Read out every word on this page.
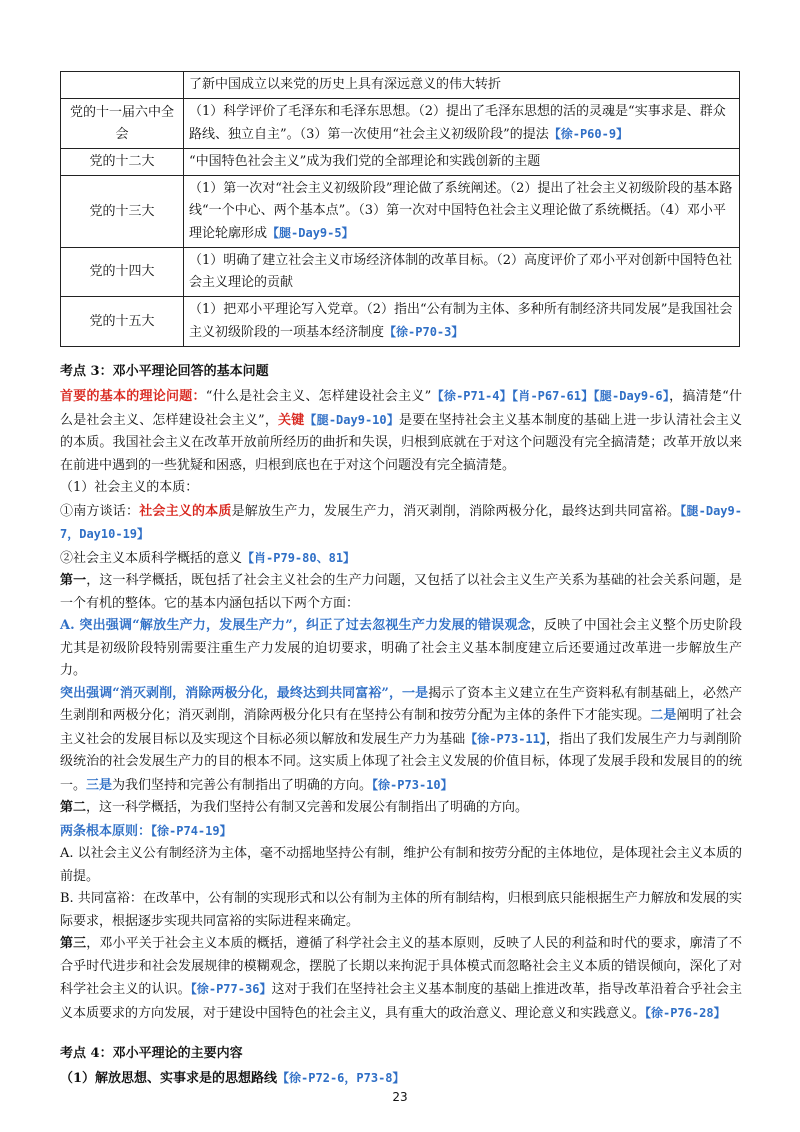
	了新中国成立以来党的历史上具有深远意义的伟大转折
党的十一届六中全会	（1）科学评价了毛泽东和毛泽东思想。（2）提出了毛泽东思想的活的灵魂是“实事求是、群众路线、独立自主”。（3）第一次使用“社会主义初级阶段”的提法【徐-P60-9】
党的十二大	“中国特色社会主义”成为我们党的全部理论和实践创新的主题
党的十三大	（1）第一次对“社会主义初级阶段”理论做了系统阐述。（2）提出了社会主义初级阶段的基本路线“一个中心、两个基本点”。（3）第一次对中国特色社会主义理论做了系统概括。（4）邓小平理论轮廓形成【腿-Day9-5】
党的十四大	（1）明确了建立社会主义市场经济体制的改革目标。（2）高度评价了邓小平对创新中国特色社会主义理论的贡献
党的十五大	（1）把邓小平理论写入党章。（2）指出“公有制为主体、多种所有制经济共同发展”是我国社会主义初级阶段的一项基本经济制度【徐-P70-3】
考点 3：邓小平理论回答的基本问题

首要的基本的理论问题：“什么是社会主义、怎样建设社会主义”【徐-P71-4】【肖-P67-61】【腿-Day9-6】，搞清楚“什么是社会主义、怎样建设社会主义”，关键【腿-Day9-10】是要在坚持社会主义基本制度的基础上进一步认清社会主义的本质。我国社会主义在改革开放前所经历的曲折和失误，归根到底就在于对这个问题没有完全搞清楚；改革开放以来在前进中遇到的一些犹疑和困惑，归根到底也在于对这个问题没有完全搞清楚。

（1）社会主义的本质：

①南方谈话：社会主义的本质是解放生产力，发展生产力，消灭剥削，消除两极分化，最终达到共同富裕。【腿-Day9-7，Day10-19】

②社会主义本质科学概括的意义【肖-P79-80、81】

第一，这一科学概括，既包括了社会主义社会的生产力问题，又包括了以社会主义生产关系为基础的社会关系问题，是一个有机的整体。它的基本内涵包括以下两个方面：

A. 突出强调“解放生产力，发展生产力”，纠正了过去忽视生产力发展的错误观念，反映了中国社会主义整个历史阶段尤其是初级阶段特别需要注重生产力发展的迫切要求，明确了社会主义基本制度建立后还要通过改革进一步解放生产力。

突出强调“消灭剥削，消除两极分化，最终达到共同富裕”，一是揭示了资本主义建立在生产资料私有制基础上，必然产生剥削和两极分化；消灭剥削，消除两极分化只有在坚持公有制和按劳分配为主体的条件下才能实现。二是阐明了社会主义社会的发展目标以及实现这个目标必须以解放和发展生产力为基础【徐-P73-11】，指出了我们发展生产力与剥削阶级统治的社会发展生产力的目的根本不同。这实质上体现了社会主义发展的价值目标，体现了发展手段和发展目的的统一。三是为我们坚持和完善公有制指出了明确的方向。【徐-P73-10】

第二，这一科学概括，为我们坚持公有制又完善和发展公有制指出了明确的方向。

两条根本原则：【徐-P74-19】

A. 以社会主义公有制经济为主体，毫不动摇地坚持公有制，维护公有制和按劳分配的主体地位，是体现社会主义本质的前提。

B. 共同富裕：在改革中，公有制的实现形式和以公有制为主体的所有制结构，归根到底只能根据生产力解放和发展的实际要求，根据逐步实现共同富裕的实际进程来确定。

第三，邓小平关于社会主义本质的概括，遵循了科学社会主义的基本原则，反映了人民的利益和时代的要求，廓清了不合乎时代进步和社会发展规律的模糊观念，摆脱了长期以来拘泥于具体模式而忽略社会主义本质的错误倾向，深化了对科学社会主义的认识。【徐-P77-36】这对于我们在坚持社会主义基本制度的基础上推进改革，指导改革沿着合乎社会主义本质要求的方向发展，对于建设中国特色的社会主义，具有重大的政治意义、理论意义和实践意义。【徐-P76-28】

考点 4：邓小平理论的主要内容

（1）解放思想、实事求是的思想路线【徐-P72-6，P73-8】

23
